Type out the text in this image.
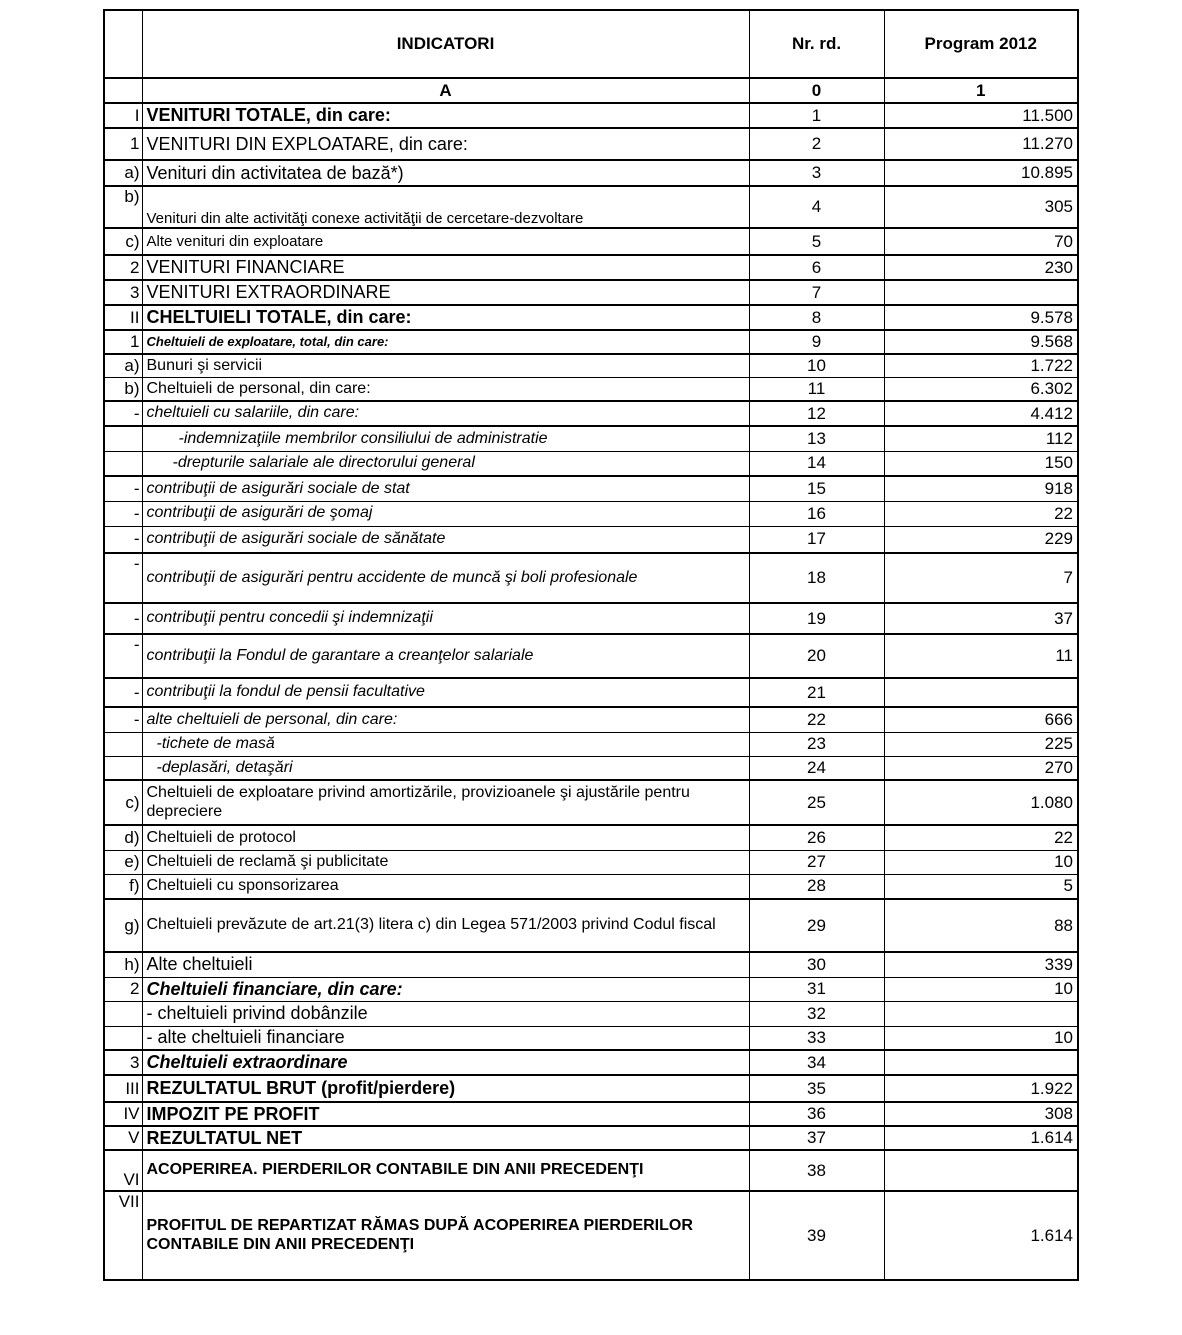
	INDICATORI	Nr. rd.	Program 2012
	A	0	1
I	VENITURI TOTALE, din care:	1	11.500
1	VENITURI DIN EXPLOATARE, din care:	2	11.270
a)	Venituri din activitatea de bază*)	3	10.895
b)	Venituri din alte activităţi conexe activităţii de cercetare-dezvoltare	4	305
c)	Alte venituri din exploatare	5	70
2	VENITURI FINANCIARE	6	230
3	VENITURI EXTRAORDINARE	7	
II	CHELTUIELI TOTALE, din care:	8	9.578
1	Cheltuieli de exploatare, total, din care:	9	9.568
a)	Bunuri şi servicii	10	1.722
b)	Cheltuieli de personal, din care:	11	6.302
-	cheltuieli cu salariile, din care:	12	4.412
	-indemnizaţiile membrilor consiliului de administratie	13	112
	-drepturile salariale ale directorului general	14	150
-	contribuţii de asigurări sociale de stat	15	918
-	contribuţii de asigurări de şomaj	16	22
-	contribuţii de asigurări sociale de sănătate	17	229
-	contribuţii de asigurări pentru accidente de muncă şi boli profesionale	18	7
-	contribuţii pentru concedii şi indemnizaţii	19	37
-	contribuţii la Fondul de garantare a creanţelor salariale	20	11
-	contribuţii la fondul de pensii facultative	21	
-	alte cheltuieli de personal, din care:	22	666
	-tichete de masă	23	225
	-deplasări, detaşări	24	270
c)	Cheltuieli de exploatare privind amortizările, provizioanele şi ajustările pentru depreciere	25	1.080
d)	Cheltuieli de protocol	26	22
e)	Cheltuieli de reclamă şi publicitate	27	10
f)	Cheltuieli cu sponsorizarea	28	5
g)	Cheltuieli prevăzute de art.21(3) litera c) din Legea 571/2003 privind Codul fiscal	29	88
h)	Alte cheltuieli	30	339
2	Cheltuieli financiare, din care:	31	10
	- cheltuieli privind dobânzile	32	
	- alte cheltuieli financiare	33	10
3	Cheltuieli extraordinare	34	
III	REZULTATUL BRUT (profit/pierdere)	35	1.922
IV	IMPOZIT PE PROFIT	36	308
V	REZULTATUL NET	37	1.614
VI	ACOPERIREA. PIERDERILOR CONTABILE DIN ANII PRECEDENŢI	38	
VII	PROFITUL DE REPARTIZAT RĂMAS DUPĂ ACOPERIREA PIERDERILOR CONTABILE DIN ANII PRECEDENŢI	39	1.614
